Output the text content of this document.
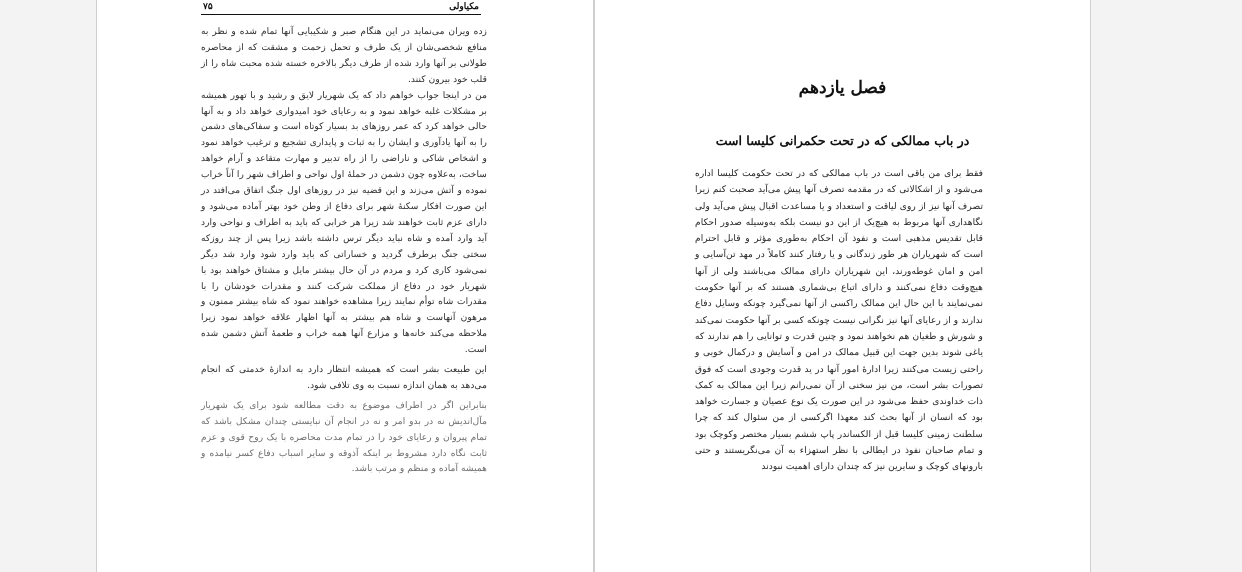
۷۵	مکیاولی

زده ویران می‌نماید در این هنگام صبر و شکیبایی آنها تمام شده و نظر به منافع شخصی‌شان از یک طرف و تحمل زحمت و مشقت که از محاصره طولانی بر آنها وارد شده از طرف دیگر بالاخره خسته شده محبت شاه را از قلب خود بیرون کنند.

من در اینجا جواب خواهم داد که یک شهریار لایق و رشید و با تهور همیشه بر مشکلات غلبه خواهد نمود و به رعایای خود امیدواری خواهد داد و به آنها حالی خواهد کرد که عمر روزهای بد بسیار کوتاه است و سفاکی‌های دشمن را به آنها یادآوری و ایشان را به ثبات و پایداری تشجیع و ترغیب خواهد نمود و اشخاص شاکی و ناراضی را از راه تدبیر و مهارت متقاعد و آرام خواهد ساخت، به‌علاوه چون دشمن در حملهٔ اول نواحی و اطراف شهر را آناً خراب نموده و آتش می‌زند و این قضیه نیز در روزهای اول جنگ اتفاق می‌افتد در این صورت افکار سکنهٔ شهر برای دفاع از وطن خود بهتر آماده می‌شود و دارای عزم ثابت خواهند شد زیرا هر خرابی که باید به اطراف و نواحی وارد آید وارد آمده و شاه نباید دیگر ترس داشته باشد زیرا پس از چند روزکه سختی جنگ برطرف گردید و خساراتی که باید وارد شود وارد شد دیگر نمی‌شود کاری کرد و مردم در آن حال بیشتر مایل و مشتاق خواهند بود با شهریار خود در دفاع از مملکت شرکت کنند و مقدرات خودشان را با مقدرات شاه توأم نمایند زیرا مشاهده خواهند نمود که شاه بیشتر ممنون و مرهون آنهاست و شاه هم بیشتر به آنها اظهار علاقه خواهد نمود زیرا ملاحظه می‌کند خانه‌ها و مزارع آنها همه خراب و طعمهٔ آتش دشمن شده است.

این طبیعت بشر است که همیشه انتظار دارد به اندازهٔ خدمتی که انجام می‌دهد به همان اندازه نسبت به وی تلافی شود.

بنابراین اگر در اطراف موضوع به دقت مطالعه شود برای یک شهریار مآل‌اندیش نه در بدو امر و نه در انجام آن نبایستی چندان مشکل باشد که تمام پیروان و رعایای خود را در تمام مدت محاصره با یک روح قوی و عزم ثابت نگاه دارد مشروط بر اینکه آذوقه و سایر اسباب دفاع کسر نیامده و همیشه آماده و منظم و مرتب باشد.

فصل یازدهم
در باب ممالکی که در تحت حکمرانی کلیسا است

فقط برای من باقی است در باب ممالکی که در تحت حکومت کلیسا اداره می‌شود و از اشکالاتی که در مقدمه تصرف آنها پیش می‌آید صحبت کنم زیرا تصرف آنها نیز از روی لیاقت و استعداد و یا مساعدت اقبال پیش می‌آید ولی نگاهداری آنها مربوط به هیچ‌یک از این دو نیست بلکه به‌وسیله صدور احکام قابل تقدیس مذهبی است و نفوذ آن احکام به‌طوری مؤثر و قابل احترام است که شهریاران هر طور زندگانی و یا رفتار کنند کاملاً در مهد تن‌آسایی و امن و امان غوطه‌ورند، این شهریاران دارای ممالک می‌باشند ولی از آنها هیچ‌وقت دفاع نمی‌کنند و دارای اتباع بی‌شماری هستند که بر آنها حکومت نمی‌نمایند با این حال این ممالک راکسی از آنها نمی‌گیرد چونکه وسایل دفاع ندارند و از رعایای آنها نیز نگرانی نیست چونکه کسی بر آنها حکومت نمی‌کند و شورش و طغیان هم نخواهند نمود و چنین قدرت و توانایی را هم ندارند که یاغی شوند بدین جهت این قبیل ممالک در امن و آسایش و درکمال خوبی و راحتی زیست می‌کنند زیرا ادارهٔ امور آنها در ید قدرت وجودی است که فوق تصورات بشر است، من نیز سخنی از آن نمی‌رانم زیرا این ممالک به کمک ذات خداوندی حفظ می‌شود در این صورت یک نوع عصیان و جسارت خواهد بود که انسان از آنها بحث کند معهذا اگرکسی از من سئوال کند که چرا سلطنت زمینی کلیسا قبل از الکساندر پاپ ششم بسیار مختصر وکوچک بود و تمام صاحبان نفوذ در ایطالی با نظر استهزاء به آن می‌نگریستند و حتی بارونهای کوچک و سایرین نیز که چندان دارای اهمیت نبودند
